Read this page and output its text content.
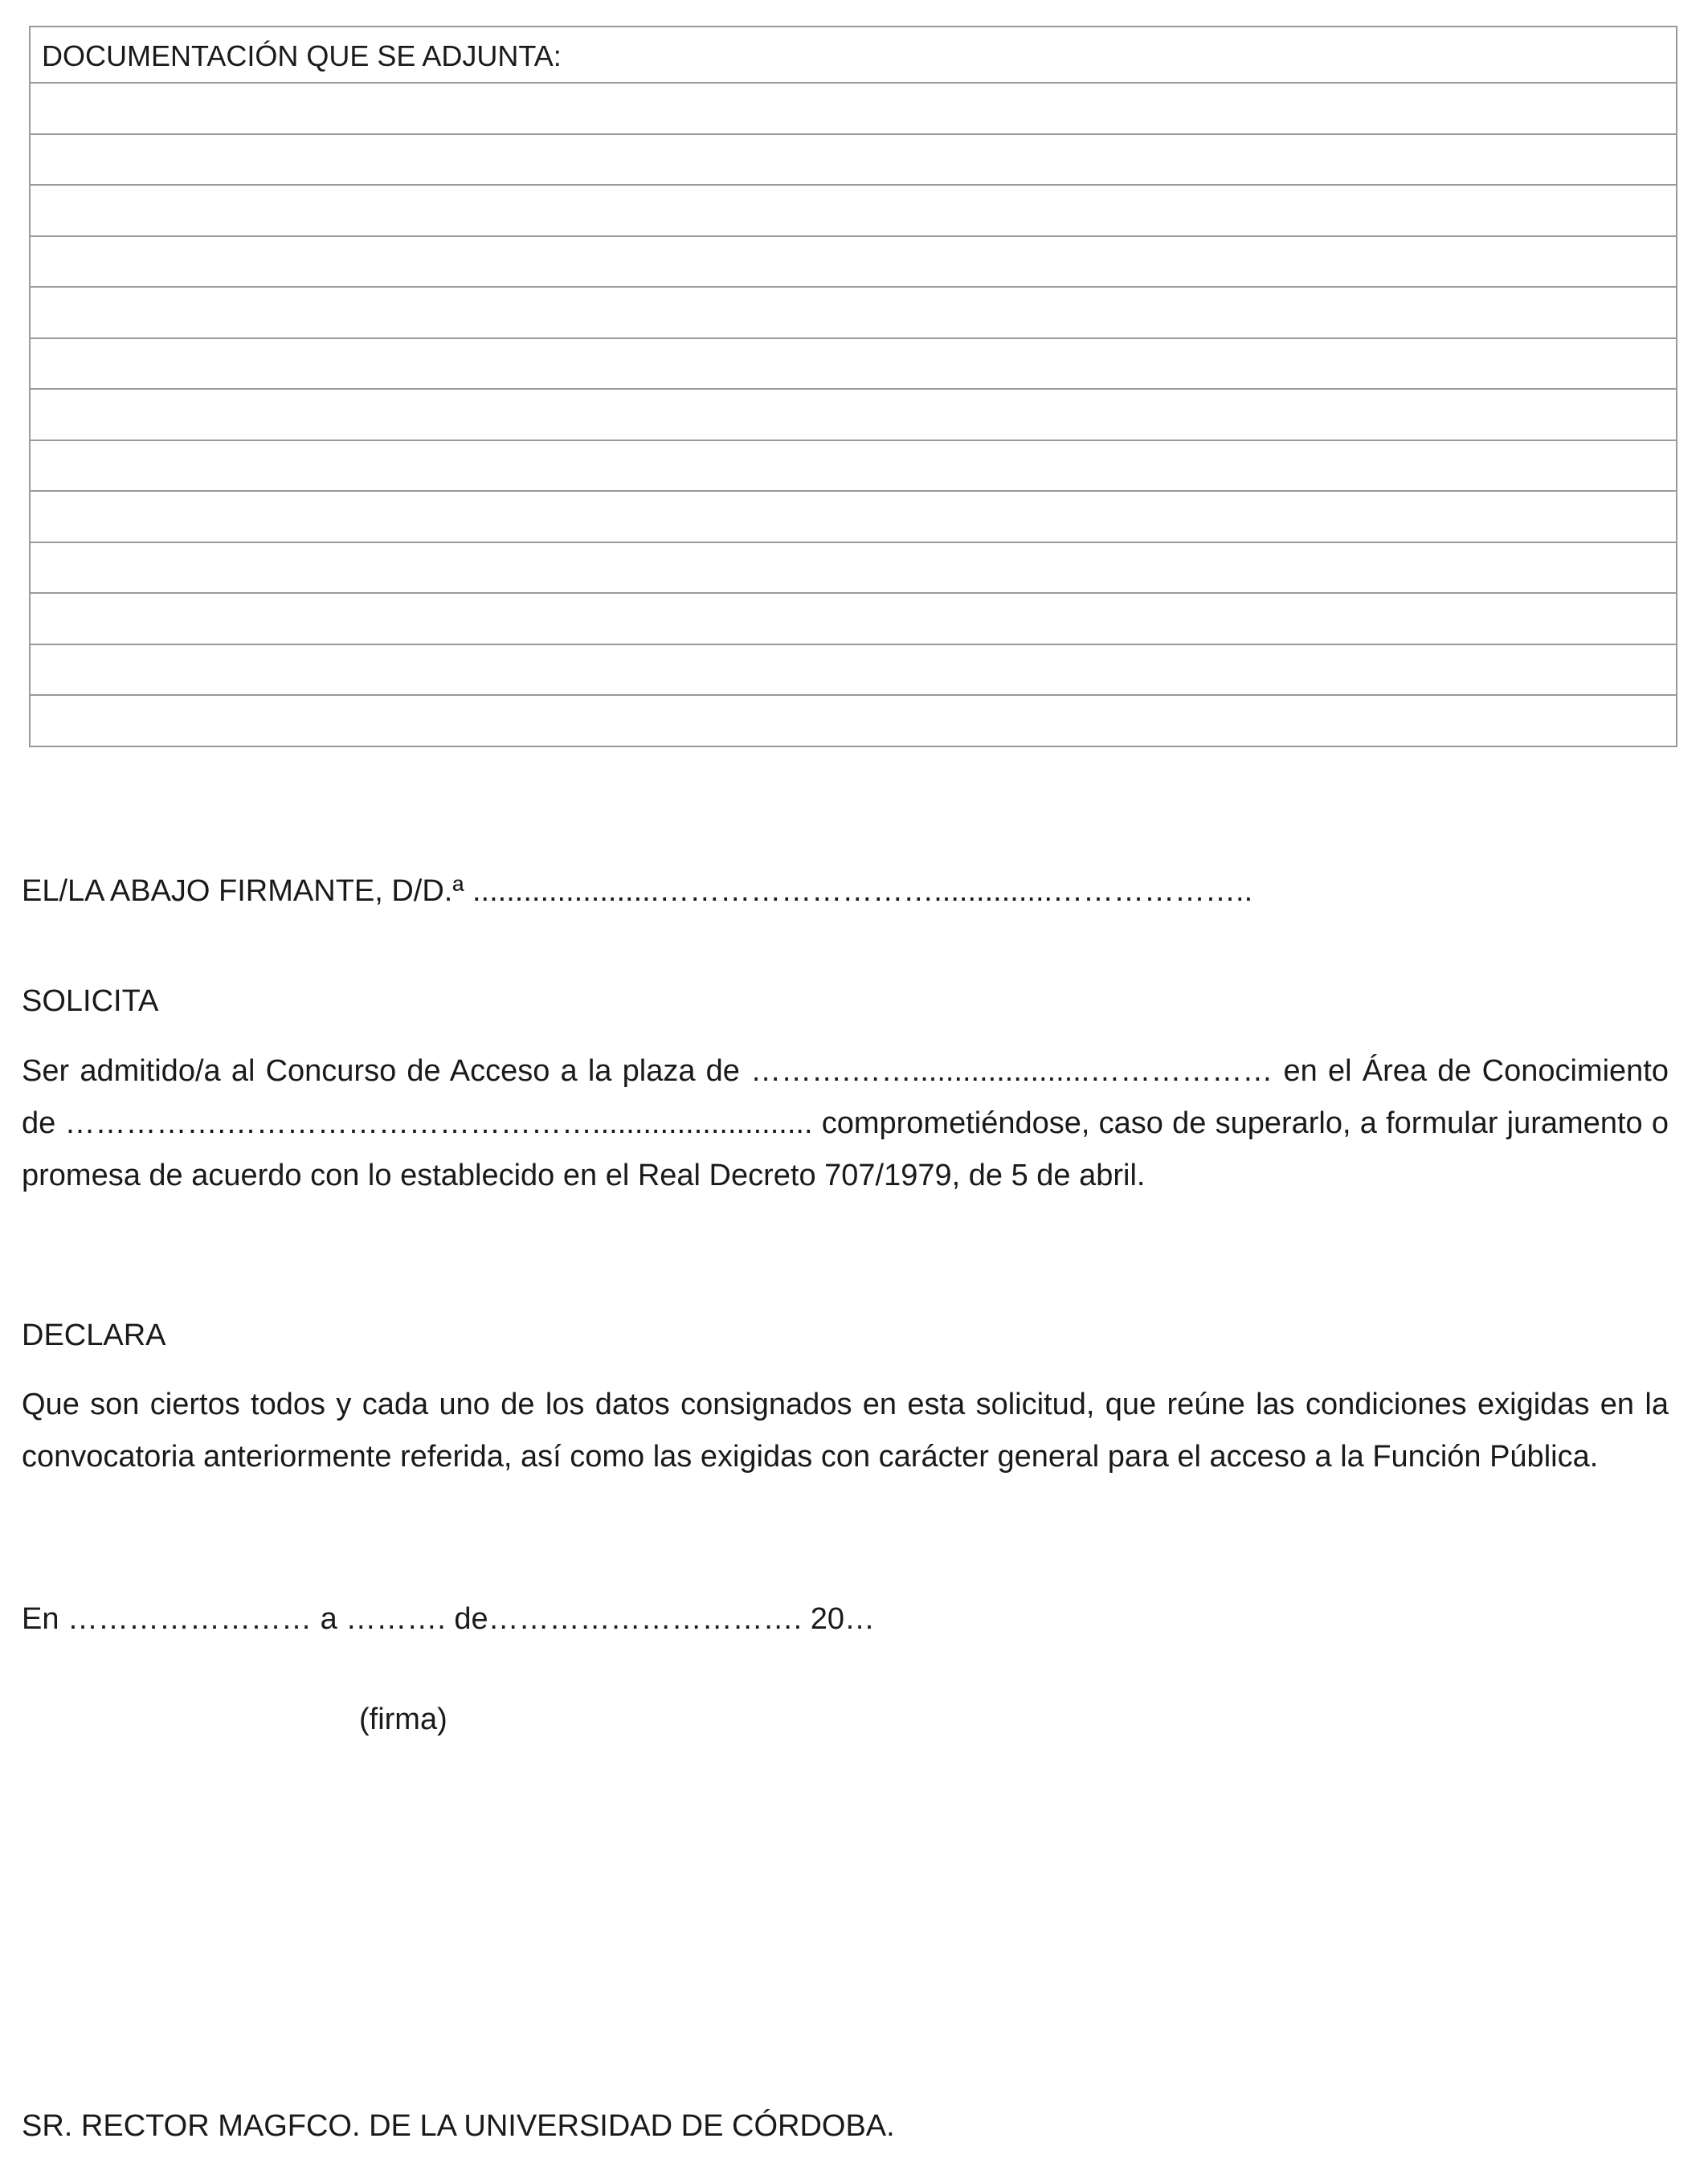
DOCUMENTACIÓN QUE SE ADJUNTA:

EL/LA ABAJO FIRMANTE, D/D.ª ......................………………………..............………………..
SOLICITA
Ser admitido/a al Concurso de Acceso a la plaza de ……….…….....................……………… en el Área de Conocimiento de …………….……………………………….......................... comprometiéndose, caso de superarlo, a formular juramento o promesa de acuerdo con lo establecido en el Real Decreto 707/1979, de 5 de abril.
DECLARA
Que son ciertos todos y cada uno de los datos consignados en esta solicitud, que reúne las condiciones exigidas en la convocatoria anteriormente referida, así como las exigidas con carácter general para el acceso a la Función Pública.
En …………………… a ………. de…………………………. 20…
(firma)
SR. RECTOR MAGFCO. DE LA UNIVERSIDAD DE CÓRDOBA.
